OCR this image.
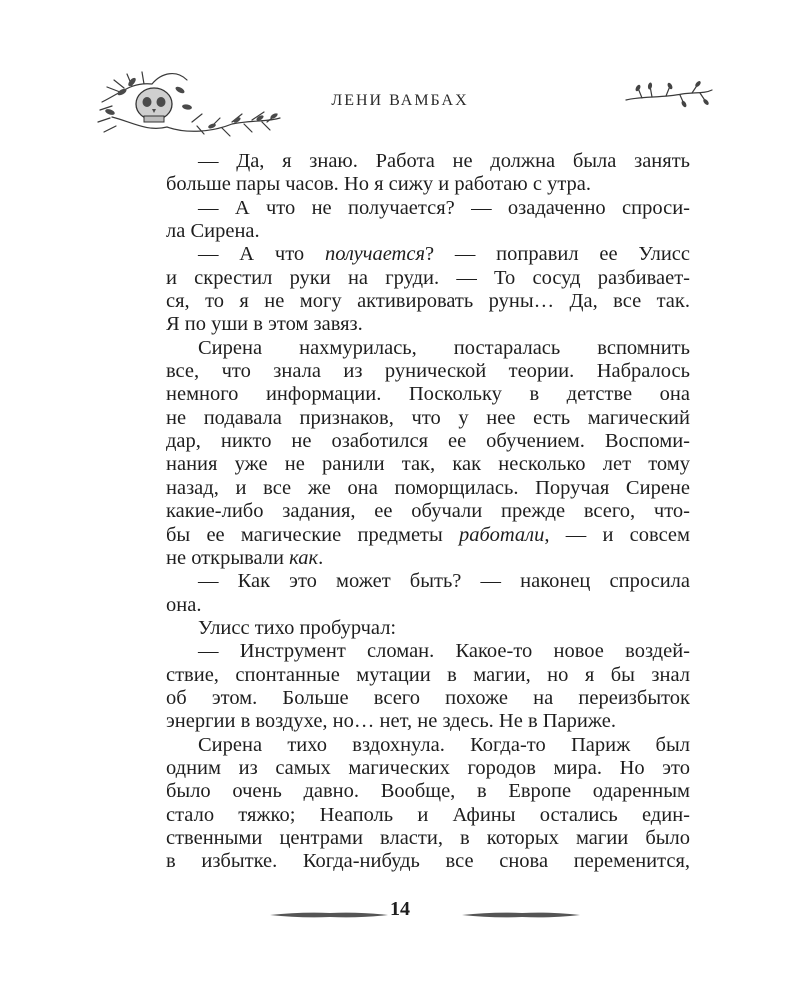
ЛЕНИ ВАМБАХ

— Да, я знаю. Работа не должна была занять
больше пары часов. Но я сижу и работаю с утра.

— А что не получается? — озадаченно спроси-
ла Сирена.

— А что получается? — поправил ее Улисс
и скрестил руки на груди. — То сосуд разбивает-
ся, то я не могу активировать руны… Да, все так.
Я по уши в этом завяз.

Сирена нахмурилась, постаралась вспомнить
все, что знала из рунической теории. Набралось
немного информации. Поскольку в детстве она
не подавала признаков, что у нее есть магический
дар, никто не озаботился ее обучением. Воспоми-
нания уже не ранили так, как несколько лет тому
назад, и все же она поморщилась. Поручая Сирене
какие-либо задания, ее обучали прежде всего, что-
бы ее магические предметы работали, — и совсем
не открывали как.

— Как это может быть? — наконец спросила
она.

Улисс тихо пробурчал:

— Инструмент сломан. Какое-то новое воздей-
ствие, спонтанные мутации в магии, но я бы знал
об этом. Больше всего похоже на переизбыток
энергии в воздухе, но… нет, не здесь. Не в Париже.

Сирена тихо вздохнула. Когда-то Париж был
одним из самых магических городов мира. Но это
было очень давно. Вообще, в Европе одаренным
стало тяжко; Неаполь и Афины остались един-
ственными центрами власти, в которых магии было
в избытке. Когда-нибудь все снова переменится,

14
